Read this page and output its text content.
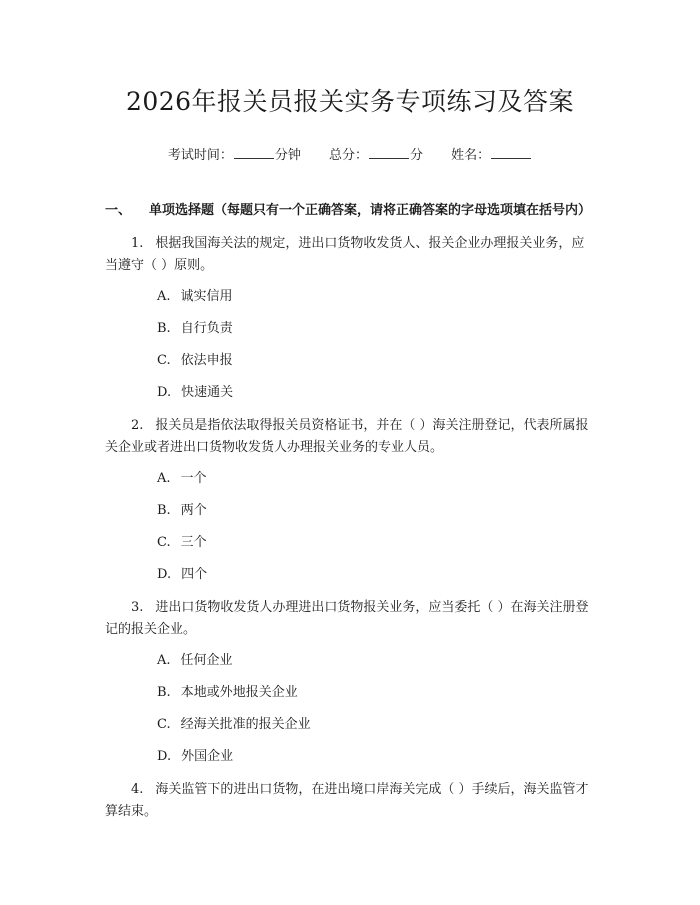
2026年报关员报关实务专项练习及答案
考试时间：	分钟 总分：	分 姓名：
一、 单项选择题（每题只有一个正确答案，请将正确答案的字母选项填在括号内）

1. 根据我国海关法的规定，进出口货物收发货人、报关企业办理报关业务，应当遵守（ ）原则。

A. 诚实信用
B. 自行负责
C. 依法申报
D. 快速通关

2. 报关员是指依法取得报关员资格证书，并在（ ）海关注册登记，代表所属报关企业或者进出口货物收发货人办理报关业务的专业人员。

A. 一个
B. 两个
C. 三个
D. 四个

3. 进出口货物收发货人办理进出口货物报关业务，应当委托（ ）在海关注册登记的报关企业。

A. 任何企业
B. 本地或外地报关企业
C. 经海关批准的报关企业
D. 外国企业

4. 海关监管下的进出口货物，在进出境口岸海关完成（ ）手续后，海关监管才算结束。
